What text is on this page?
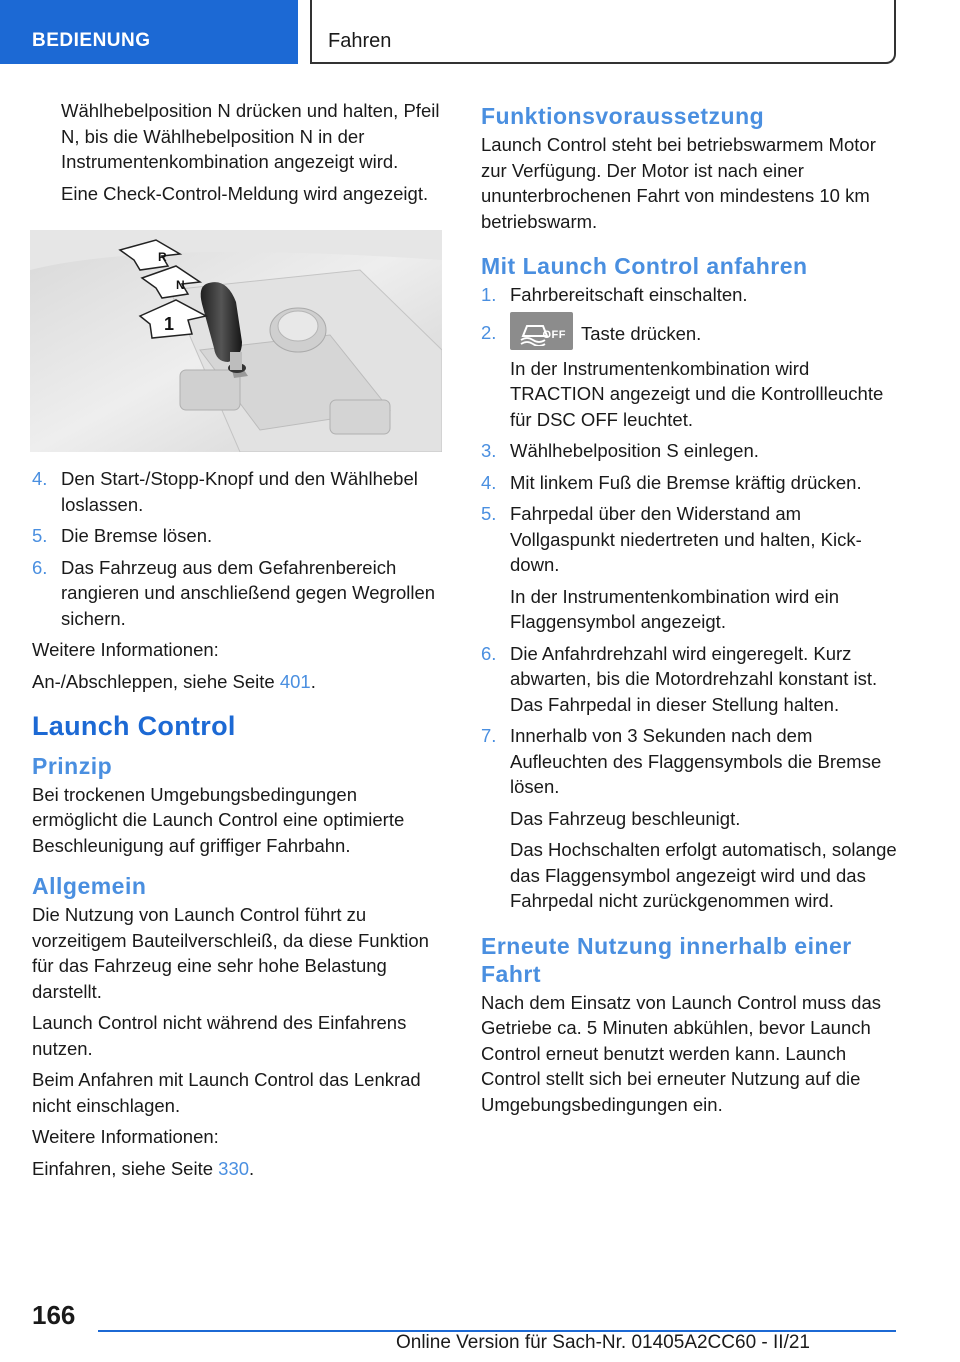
BEDIENUNG	Fahren

Wählhebelposition N drücken und halten, Pfeil N, bis die Wählhebelposition N in der Instrumentenkombination angezeigt wird.

Eine Check-Control-Meldung wird angezeigt.

R
N
1
4. Den Start-/Stopp-Knopf und den Wählhebel loslassen.
5. Die Bremse lösen.
6. Das Fahrzeug aus dem Gefahrenbereich rangieren und anschließend gegen Wegrollen sichern.

Weitere Informationen:

An-/Abschleppen, siehe Seite 401.

Launch Control
Prinzip

Bei trockenen Umgebungsbedingungen ermöglicht die Launch Control eine optimierte Beschleunigung auf griffiger Fahrbahn.

Allgemein

Die Nutzung von Launch Control führt zu vorzeitigem Bauteilverschleiß, da diese Funktion für das Fahrzeug eine sehr hohe Belastung darstellt.

Launch Control nicht während des Einfahrens nutzen.

Beim Anfahren mit Launch Control das Lenkrad nicht einschlagen.

Weitere Informationen:

Einfahren, siehe Seite 330.

Funktionsvoraussetzung

Launch Control steht bei betriebswarmem Motor zur Verfügung. Der Motor ist nach einer ununterbrochenen Fahrt von mindestens 10 km betriebswarm.

Mit Launch Control anfahren
1. Fahrbereitschaft einschalten.
2.	OFF Taste drücken.
In der Instrumentenkombination wird TRACTION angezeigt und die Kontrollleuchte für DSC OFF leuchtet.
3. Wählhebelposition S einlegen.
4. Mit linkem Fuß die Bremse kräftig drücken.
5. Fahrpedal über den Widerstand am Vollgaspunkt niedertreten und halten, Kick-down.
In der Instrumentenkombination wird ein Flaggensymbol angezeigt.
6. Die Anfahrdrehzahl wird eingeregelt. Kurz abwarten, bis die Motordrehzahl konstant ist. Das Fahrpedal in dieser Stellung halten.
7. Innerhalb von 3 Sekunden nach dem Aufleuchten des Flaggensymbols die Bremse lösen.
Das Fahrzeug beschleunigt.
Das Hochschalten erfolgt automatisch, solange das Flaggensymbol angezeigt wird und das Fahrpedal nicht zurückgenommen wird.
Erneute Nutzung innerhalb einer Fahrt

Nach dem Einsatz von Launch Control muss das Getriebe ca. 5 Minuten abkühlen, bevor Launch Control erneut benutzt werden kann. Launch Control stellt sich bei erneuter Nutzung auf die Umgebungsbedingungen ein.

166
Online Version für Sach-Nr. 01405A2CC60 - II/21
